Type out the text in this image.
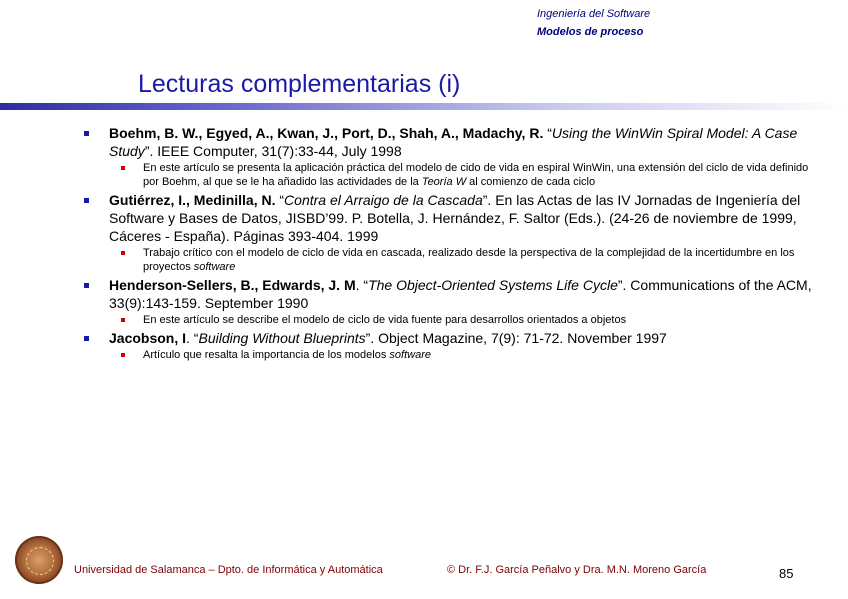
Ingeniería del Software
Modelos de proceso
Lecturas complementarias (i)
Boehm, B. W., Egyed, A., Kwan, J., Port, D., Shah, A., Madachy, R. “Using the WinWin Spiral Model: A Case Study”. IEEE Computer, 31(7):33-44, July 1998
En este artículo se presenta la aplicación práctica del modelo de cido de vida en espiral WinWin, una extensión del ciclo de vida definido por Boehm, al que se le ha añadido las actividades de la Teoría W al comienzo de cada ciclo
Gutiérrez, I., Medinilla, N. “Contra el Arraigo de la Cascada”. En las Actas de las IV Jornadas de Ingeniería del Software y Bases de Datos, JISBD’99. P. Botella, J. Hernández, F. Saltor (Eds.). (24-26 de noviembre de 1999, Cáceres - España). Páginas 393-404. 1999
Trabajo crítico con el modelo de ciclo de vida en cascada, realizado desde la perspectiva de la complejidad de la incertidumbre en los proyectos software
Henderson-Sellers, B., Edwards, J. M. “The Object-Oriented Systems Life Cycle”. Communications of the ACM, 33(9):143-159. September 1990
En este artículo se describe el modelo de ciclo de vida fuente para desarrollos orientados a objetos
Jacobson, I. “Building Without Blueprints”. Object Magazine, 7(9): 71-72. November 1997
Artículo que resalta la importancia de los modelos software
Universidad de Salamanca – Dpto. de Informática y Automática	© Dr. F.J. García Peñalvo y Dra. M.N. Moreno García	85
